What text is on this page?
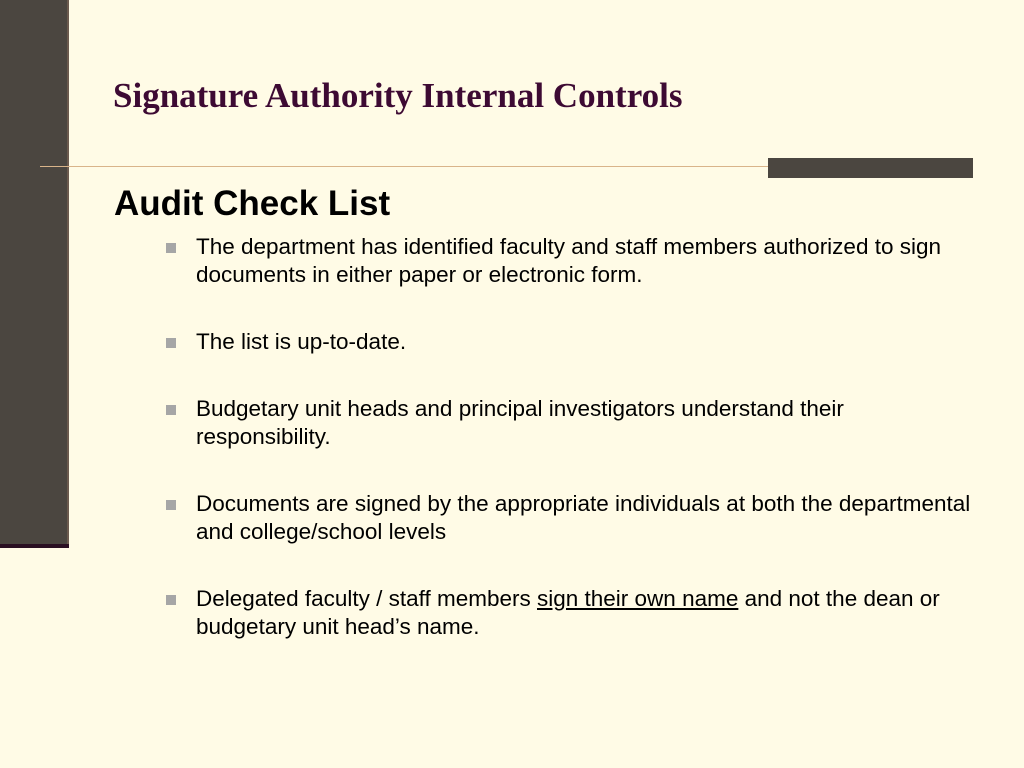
Signature Authority Internal Controls
Audit Check List
The department has identified faculty and staff members authorized to sign documents in either paper or electronic form.
The list is up-to-date.
Budgetary unit heads and principal investigators understand their responsibility.
Documents are signed by the appropriate individuals at both the departmental and college/school levels
Delegated faculty / staff members sign their own name and not the dean or budgetary unit head’s name.
